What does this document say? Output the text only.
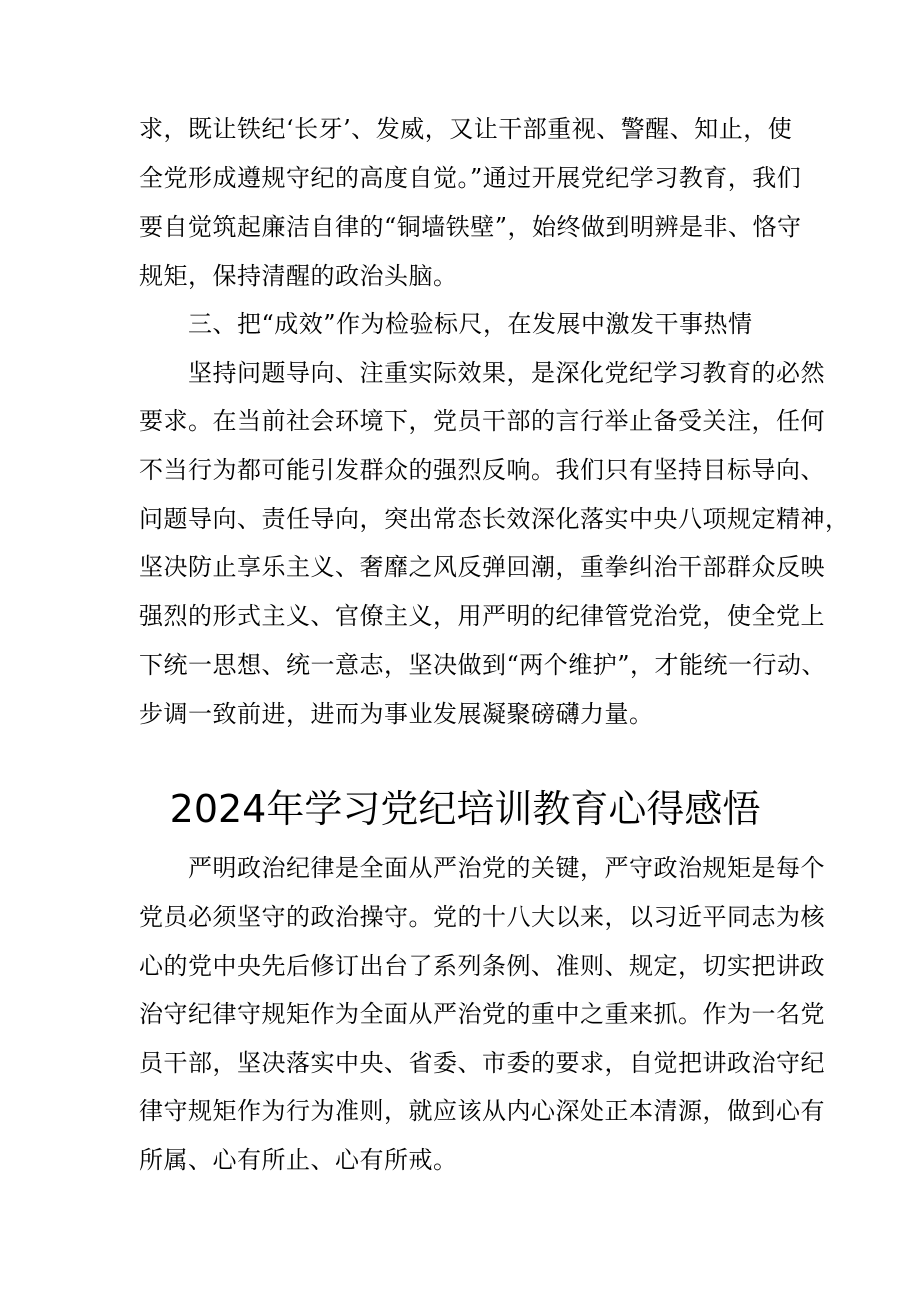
求，既让铁纪‘长牙’、发威，又让干部重视、警醒、知止，使
全党形成遵规守纪的高度自觉。”通过开展党纪学习教育，我们
要自觉筑起廉洁自律的“铜墙铁壁”，始终做到明辨是非、恪守
规矩，保持清醒的政治头脑。
三、把“成效”作为检验标尺，在发展中激发干事热情
坚持问题导向、注重实际效果，是深化党纪学习教育的必然
要求。在当前社会环境下，党员干部的言行举止备受关注，任何
不当行为都可能引发群众的强烈反响。我们只有坚持目标导向、
问题导向、责任导向，突出常态长效深化落实中央八项规定精神，
坚决防止享乐主义、奢靡之风反弹回潮，重拳纠治干部群众反映
强烈的形式主义、官僚主义，用严明的纪律管党治党，使全党上
下统一思想、统一意志，坚决做到“两个维护”，才能统一行动、
步调一致前进，进而为事业发展凝聚磅礴力量。
2024年学习党纪培训教育心得感悟
严明政治纪律是全面从严治党的关键，严守政治规矩是每个
党员必须坚守的政治操守。党的十八大以来，以习近平同志为核
心的党中央先后修订出台了系列条例、准则、规定，切实把讲政
治守纪律守规矩作为全面从严治党的重中之重来抓。作为一名党
员干部，坚决落实中央、省委、市委的要求，自觉把讲政治守纪
律守规矩作为行为准则，就应该从内心深处正本清源，做到心有
所属、心有所止、心有所戒。
